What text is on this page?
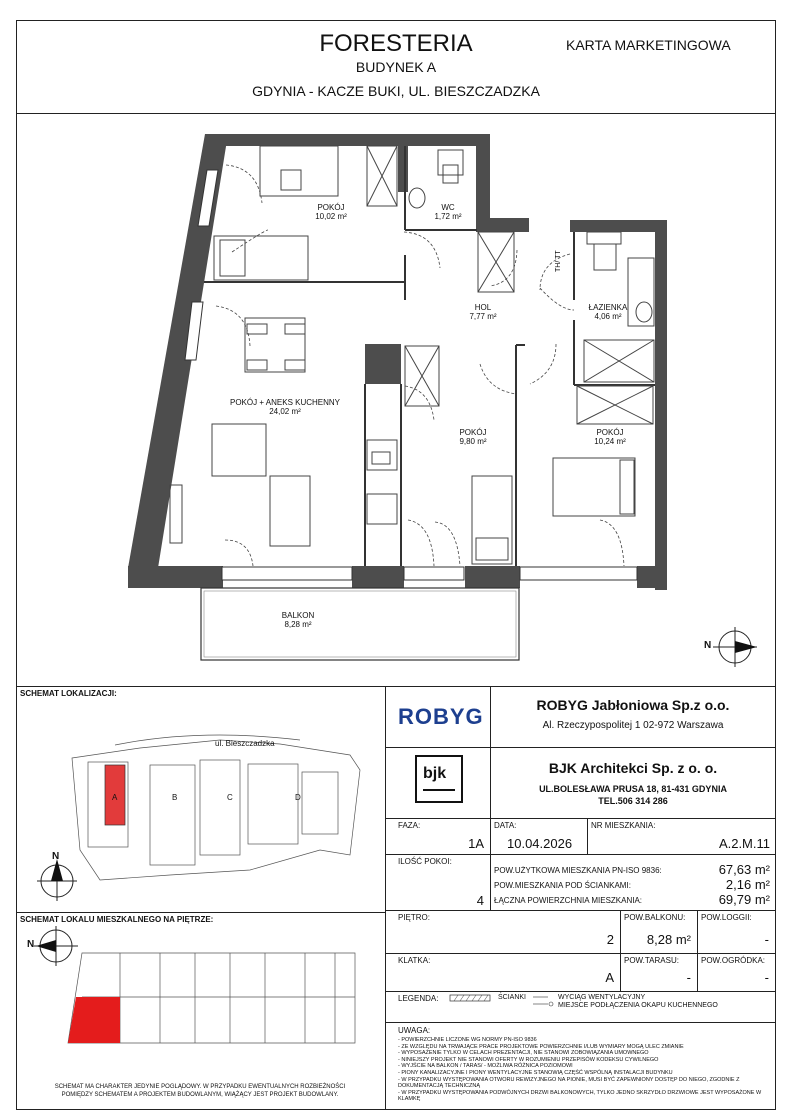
FORESTERIA
BUDYNEK A
GDYNIA - KACZE BUKI, UL. BIESZCZADZKA
KARTA MARKETINGOWA
POKÓJ
10,02 m²
WC
1,72 m²
HOL
7,77 m²
ŁAZIENKA
4,06 m²
POKÓJ + ANEKS KUCHENNY
24,02 m²
POKÓJ
9,80 m²
POKÓJ
10,24 m²
BALKON
8,28 m²
TH/ TT
N
SCHEMAT LOKALIZACJI:
ul. Bieszczadzka
A	B	C	D
N
SCHEMAT LOKALU MIESZKALNEGO NA PIĘTRZE:
N
SCHEMAT MA CHARAKTER JEDYNIE POGLĄDOWY. W PRZYPADKU EWENTUALNYCH ROZBIEŻNOŚCI POMIĘDZY SCHEMATEM A PROJEKTEM BUDOWLANYM, WIĄŻĄCY JEST PROJEKT BUDOWLANY.
ROBYG	ROBYG Jabłoniowa Sp.z o.o.
Al. Rzeczypospolitej 1 02-972 Warszawa
bjk	BJK Architekci Sp. z o. o.
UL.BOLESŁAWA PRUSA 18, 81-431 GDYNIA
TEL.506 314 286
FAZA:
1A
DATA:
10.04.2026
NR MIESZKANIA:
A.2.M.11
ILOŚĆ POKOI:
4
POW.UŻYTKOWA MIESZKANIA PN-ISO 9836:	67,63 m²
POW.MIESZKANIA POD ŚCIANKAMI:	2,16 m²
ŁĄCZNA POWIERZCHNIA MIESZKANIA:	69,79 m²
PIĘTRO:
2
POW.BALKONU:
8,28 m²
POW.LOGGII:
-
KLATKA:
A
POW.TARASU:
-
POW.OGRÓDKA:
-
LEGENDA:	ŚCIANKI	WYCIĄG WENTYLACYJNY
MIEJSCE PODŁĄCZENIA OKAPU KUCHENNEGO
UWAGA:
- POWIERZCHNIE LICZONE WG NORMY PN-ISO 9836
- ZE WZGLĘDU NA TRWAJĄCE PRACE PROJEKTOWE POWIERZCHNIE I/LUB WYMIARY MOGĄ ULEC ZMIANIE
- WYPOSAŻENIE TYLKO W CELACH PREZENTACJI, NIE STANOWI ZOBOWIĄZANIA UMOWNEGO
- NINIEJSZY PROJEKT NIE STANOWI OFERTY W ROZUMIENIU PRZEPISÓW KODEKSU CYWILNEGO
- WYJŚCIE NA BALKON / TARAS/ - MOŻLIWA RÓŻNICA POZIOMOWI
- PIONY KANALIZACYJNE I PIONY WENTYLACYJNE STANOWIĄ CZĘŚĆ WSPÓLNĄ INSTALACJI BUDYNKU
- W PRZYPADKU WYSTĘPOWANIA OTWORU REWIZYJNEGO NA PIONIE, MUSI BYĆ ZAPEWNIONY DOSTĘP DO NIEGO, ZGODNIE Z DOKUMENTACJĄ TECHNICZNĄ
- W PRZYPADKU WYSTĘPOWANIA PODWÓJNYCH DRZWI BALKONOWYCH, TYLKO JEDNO SKRZYDŁO DRZWIOWE JEST WYPOSAŻONE W KLAMKĘ
